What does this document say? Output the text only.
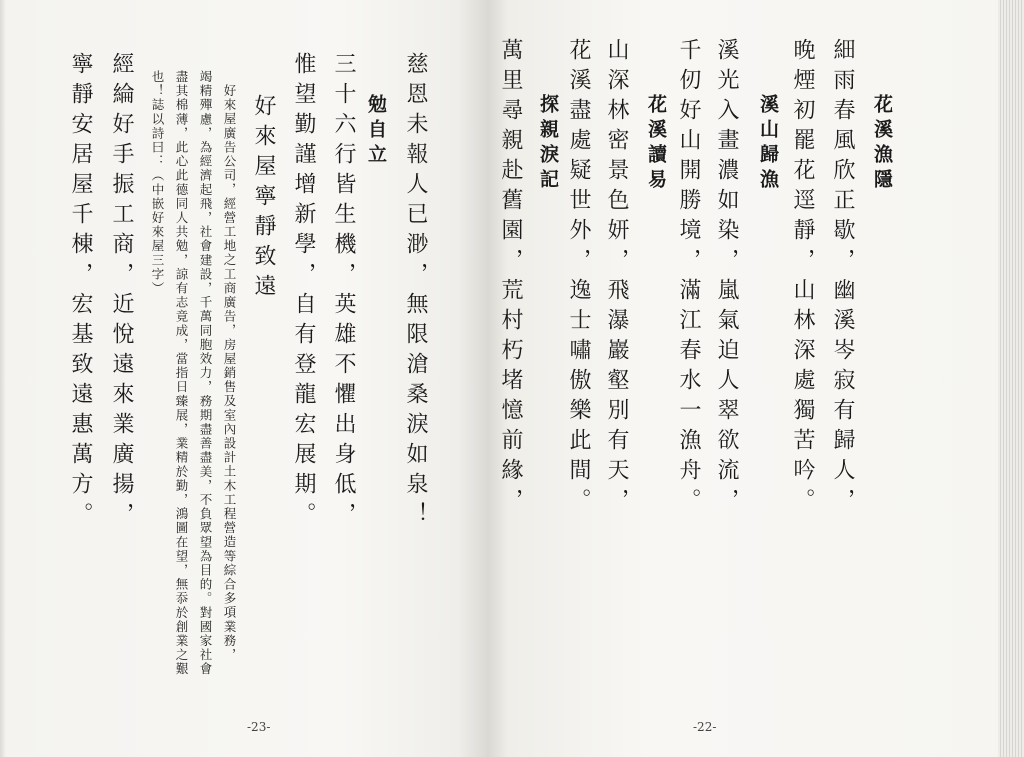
慈恩未報人已渺，無限滄桑淚如泉！
勉自立
三十六行皆生機，英雄不懼出身低，
惟望勤謹增新學，自有登龍宏展期。
好來屋寧靜致遠
好來屋廣告公司，經營工地之工商廣告，房屋銷售及室內設計土木工程營造等綜合多項業務，
竭精殫慮，為經濟起飛，社會建設，千萬同胞效力，務期盡善盡美，不負眾望為目的。對國家社會
盡其棉薄，此心此德同人共勉，諒有志竟成，當指日臻展，業精於勤，鴻圖在望，無忝於創業之艱
也！誌以詩曰：（中嵌好來屋三字）
經綸好手振工商，近悅遠來業廣揚，
寧靜安居屋千棟，宏基致遠惠萬方。
-23-
花溪漁隱
細雨春風欣正歇，幽溪岑寂有歸人，
晚煙初罷花逕靜，山林深處獨苦吟。
溪山歸漁
溪光入畫濃如染，嵐氣迫人翠欲流，
千仞好山開勝境，滿江春水一漁舟。
花溪讀易
山深林密景色妍，飛瀑巖壑別有天，
花溪盡處疑世外，逸士嘯傲樂此間。
探親淚記
萬里尋親赴舊園，荒村朽堵憶前緣，
-22-
